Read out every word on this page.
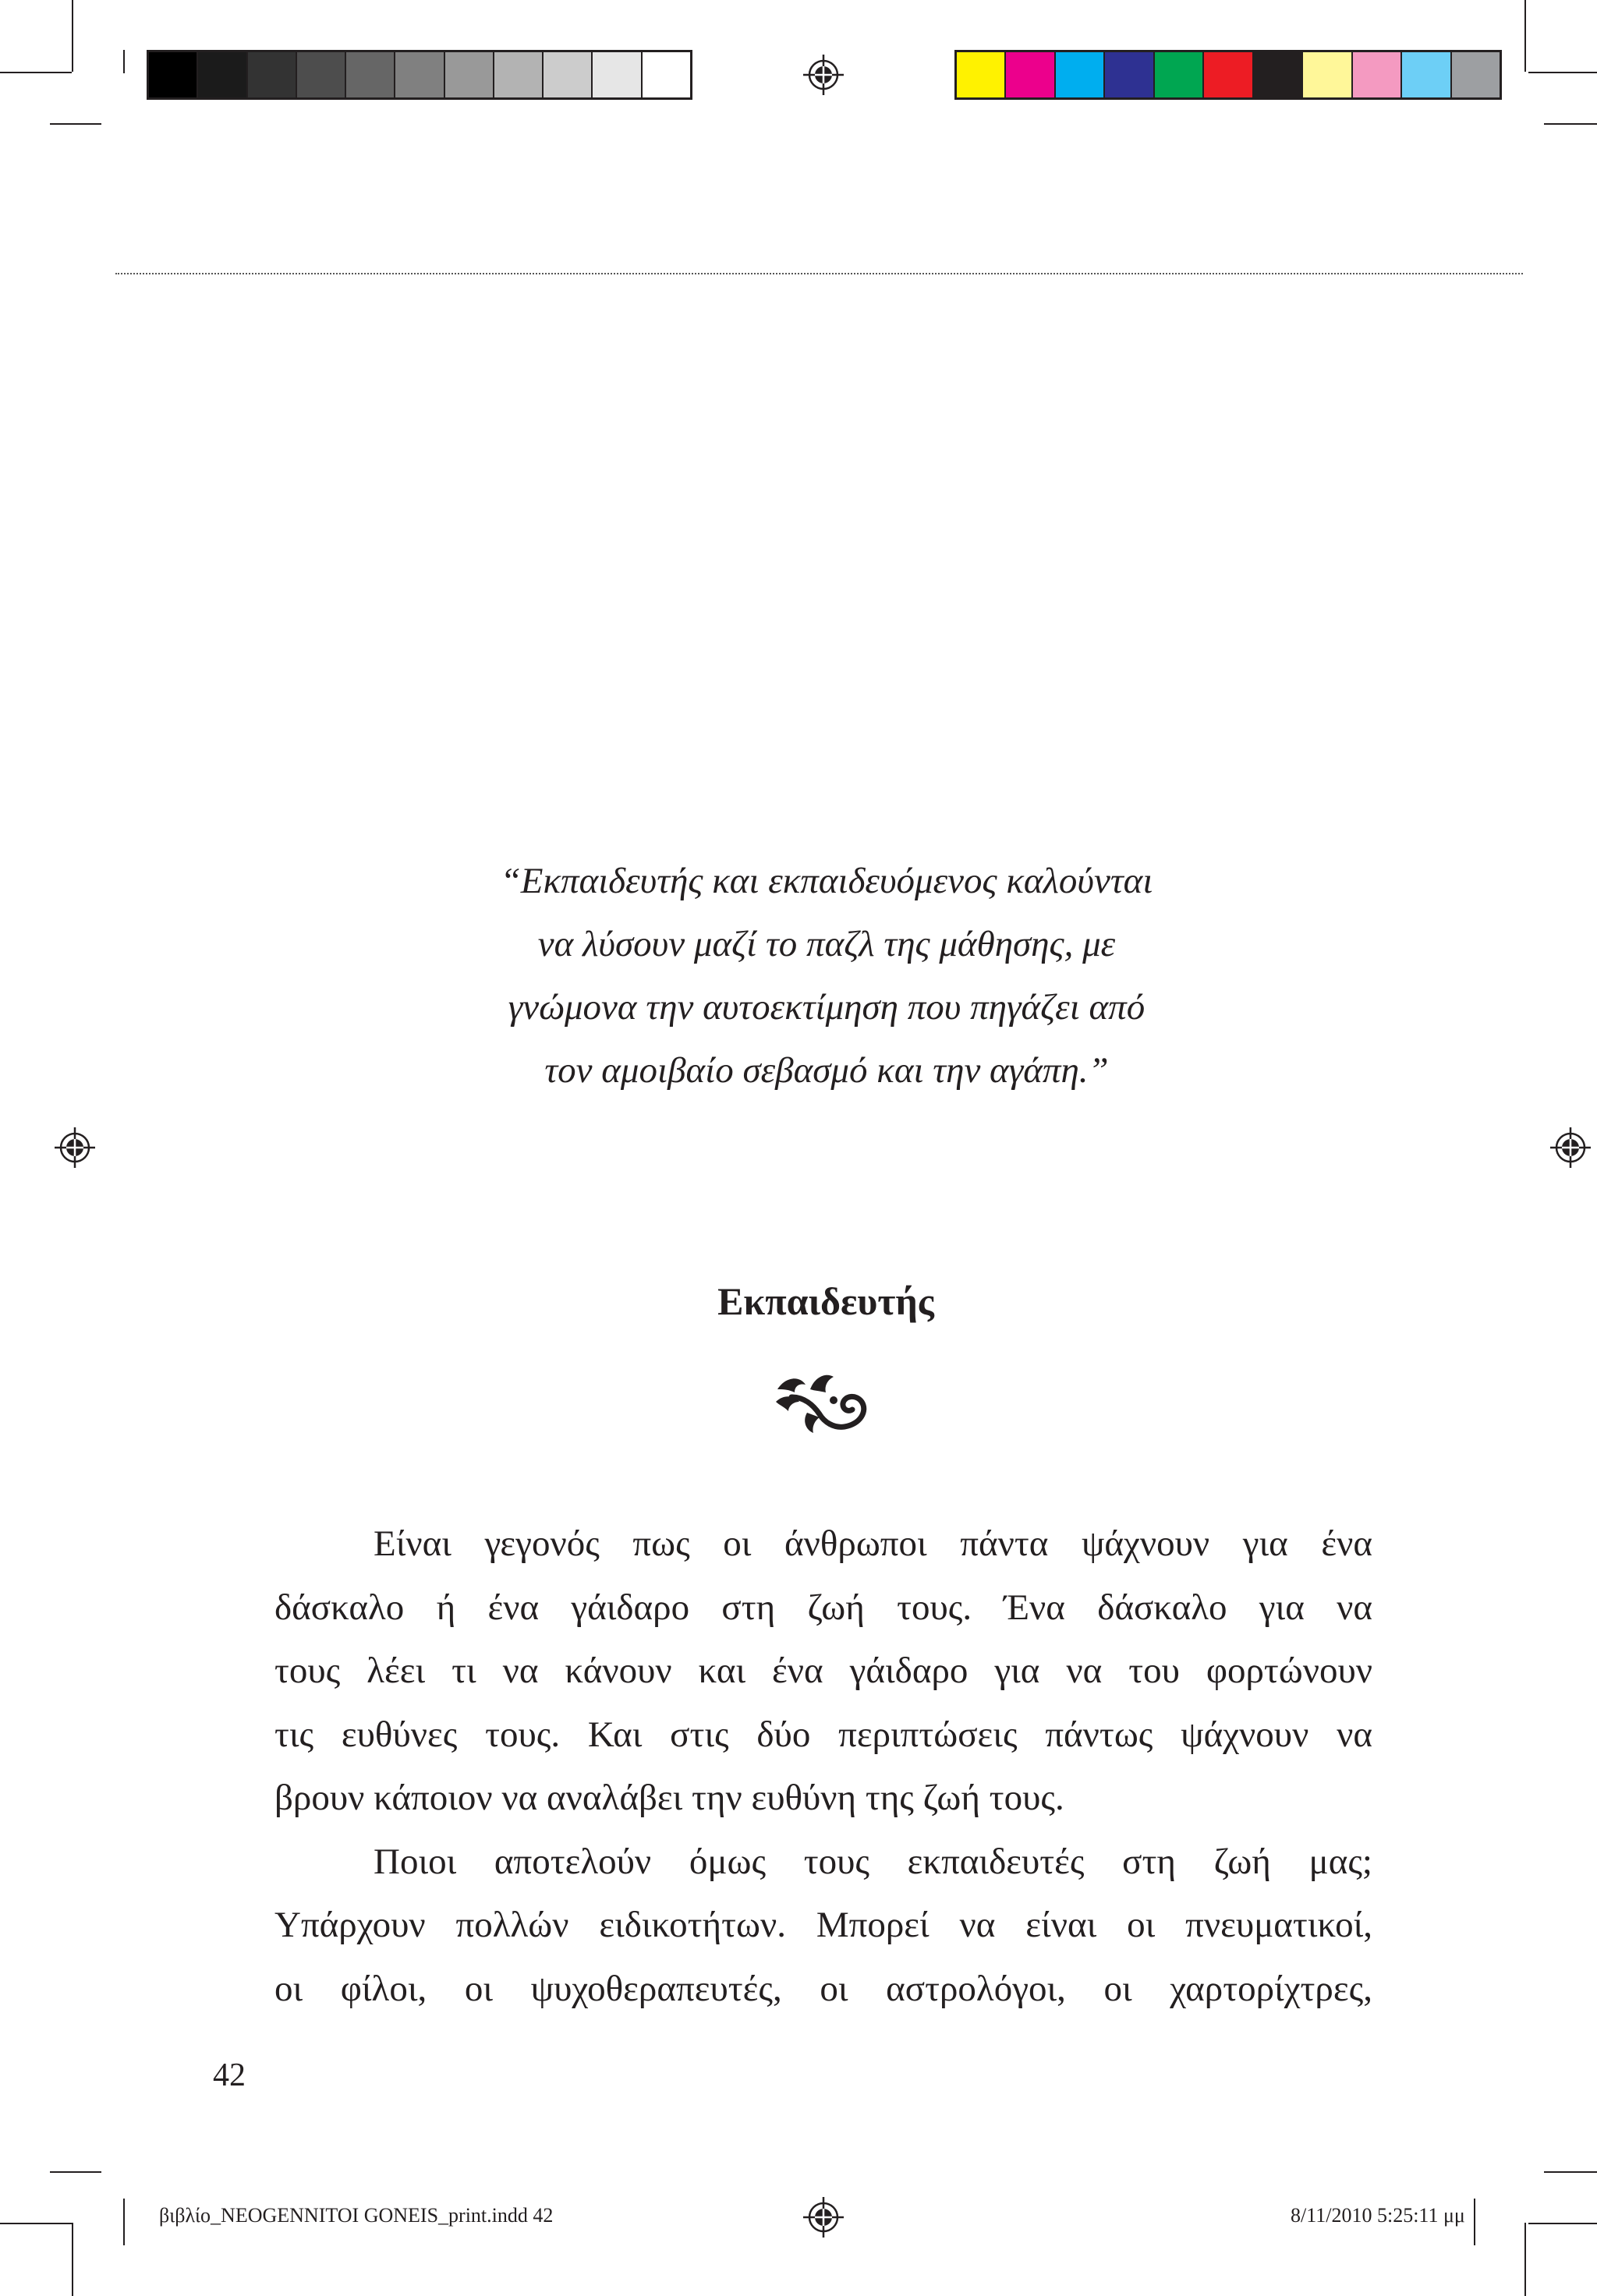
“Εκπαιδευτής και εκπαιδευόμενος καλούνται
να λύσουν μαζί το παζλ της μάθησης, με
γνώμονα την αυτοεκτίμηση που πηγάζει από
τον αμοιβαίο σεβασμό και την αγάπη.”
Εκπαιδευτής

Είναι γεγονός πως οι άνθρωποι πάντα ψάχνουν για ένα
δάσκαλο ή ένα γάιδαρο στη ζωή τους. Ένα δάσκαλο για να
τους λέει τι να κάνουν και ένα γάιδαρο για να του φορτώνουν
τις ευθύνες τους. Και στις δύο περιπτώσεις πάντως ψάχνουν να
βρουν κάποιον να αναλάβει την ευθύνη της ζωή τους.

Ποιοι αποτελούν όμως τους εκπαιδευτές στη ζωή μας;
Υπάρχουν πολλών ειδικοτήτων. Μπορεί να είναι οι πνευματικοί,
οι φίλοι, οι ψυχοθεραπευτές, οι αστρολόγοι, οι χαρτορίχτρες,

42
βιβλίο_NEOGENNITOI GONEIS_print.indd 42	8/11/2010 5:25:11 μμ
